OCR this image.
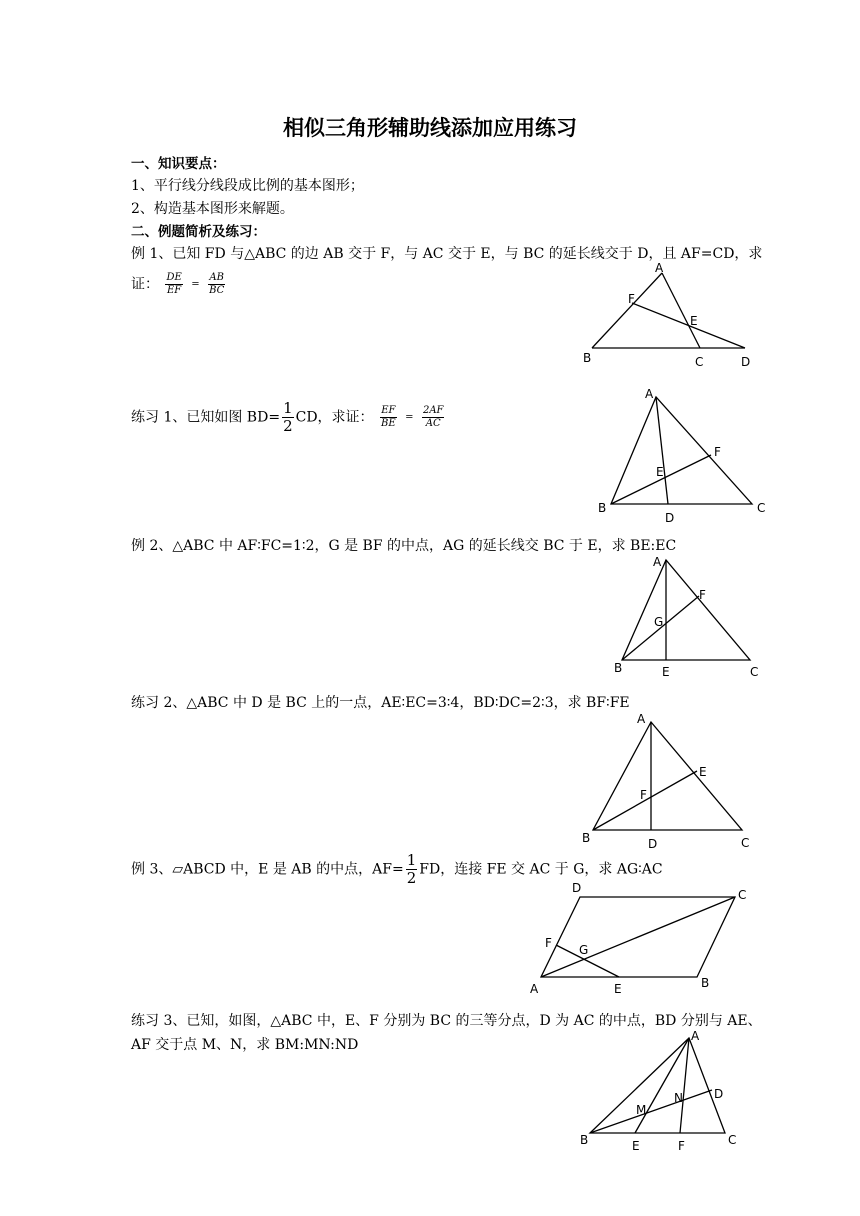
相似三角形辅助线添加应用练习
一、知识要点：
1、平行线分线段成比例的基本图形；
2、构造基本图形来解题。
二、例题简析及练习：
例 1、已知 FD 与△ABC 的边 AB 交于 F，与 AC 交于 E，与 BC 的延长线交于 D，且 AF=CD，求
证： $\frac{DE}{EF} = \frac{AB}{BC}$
A
F
E
B	C	D
练习 1、已知如图 $BD= \frac{1}{2}$ CD，求证： $\frac{EF}{BE} = \frac{2AF}{AC}$
A
F
E
B
D
C
例 2、△ABC 中 AF∶FC=1∶2，G 是 BF 的中点，AG 的延长线交 BC 于 E，求 BE:EC
A
F
G
B	E	C
练习 2、△ABC 中 D 是 BC 上的一点，AE∶EC=3∶4，BD∶DC=2∶3，求 BF∶FE
A
E
F
B	D	C
例 3、▱ABCD 中，E 是 AB 的中点，$AF= \frac{1}{2}$ FD，连接 FE 交 AC 于 G，求 AG∶AC
D	C
F G
A	E	B
练习 3、已知，如图，△ABC 中，E、F 分别为 BC 的三等分点，D 为 AC 的中点，BD 分别与 AE、
AF 交于点 M、N，求 BM:MN:ND
A
D
N
M
B	E	F	C
